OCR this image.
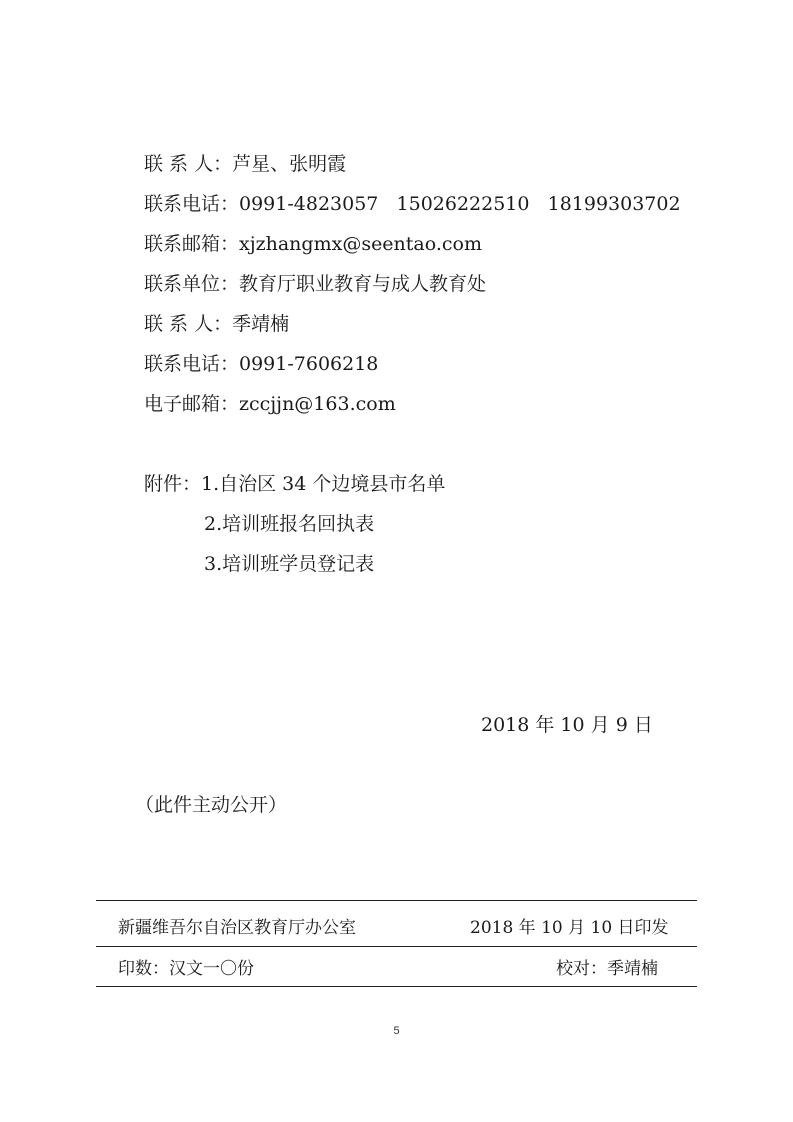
联 系 人：芦星、张明霞
联系电话：0991-4823057   15026222510   18199303702
联系邮箱：xjzhangmx@seentao.com
联系单位：教育厅职业教育与成人教育处
联 系 人：季靖楠
联系电话：0991-7606218
电子邮箱：zccjjn@163.com
附件：1.自治区 34 个边境县市名单
2.培训班报名回执表
3.培训班学员登记表
2018 年 10 月 9 日
（此件主动公开）
新疆维吾尔自治区教育厅办公室	2018 年 10 月 10 日印发
印数：汉文一〇份	校对：季靖楠
5
